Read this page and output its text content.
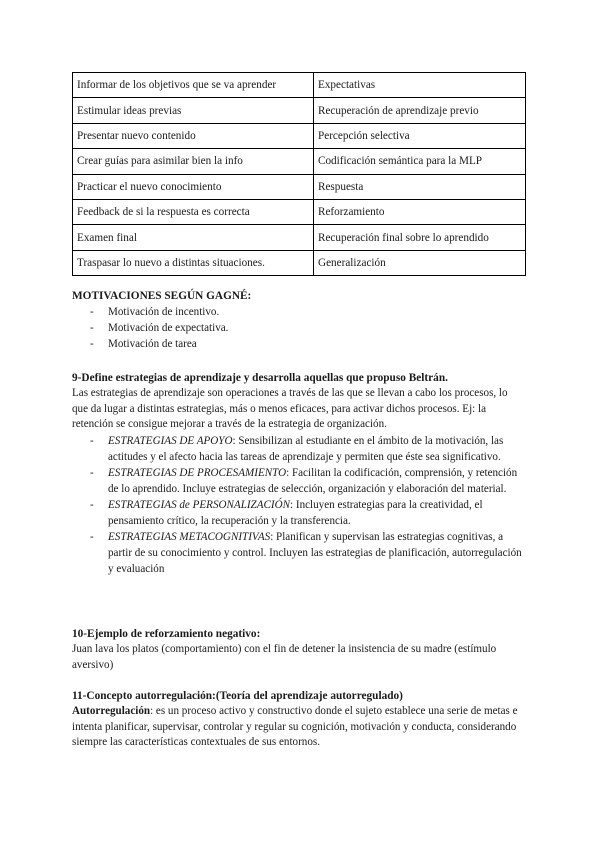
Informar de los objetivos que se va aprender	Expectativas
Estimular ideas previas	Recuperación de aprendizaje previo
Presentar nuevo contenido	Percepción selectiva
Crear guías para asimilar bien la info	Codificación semántica para la MLP
Practicar el nuevo conocimiento	Respuesta
Feedback de si la respuesta es correcta	Reforzamiento
Examen final	Recuperación final sobre lo aprendido
Traspasar lo nuevo a distintas situaciones.	Generalización

MOTIVACIONES SEGÚN GAGNÉ:

- Motivación de incentivo.
- Motivación de expectativa.
- Motivación de tarea

9-Define estrategias de aprendizaje y desarrolla aquellas que propuso Beltrán.

Las estrategias de aprendizaje son operaciones a través de las que se llevan a cabo los procesos, lo que da lugar a distintas estrategias, más o menos eficaces, para activar dichos procesos. Ej: la retención se consigue mejorar a través de la estrategia de organización.

- ESTRATEGIAS DE APOYO: Sensibilizan al estudiante en el ámbito de la motivación, las actitudes y el afecto hacia las tareas de aprendizaje y permiten que éste sea significativo.
- ESTRATEGIAS DE PROCESAMIENTO: Facilitan la codificación, comprensión, y retención de lo aprendido. Incluye estrategias de selección, organización y elaboración del material.
- ESTRATEGIAS de PERSONALIZACIÓN: Incluyen estrategias para la creatividad, el pensamiento crítico, la recuperación y la transferencia.
- ESTRATEGIAS METACOGNITIVAS: Planifican y supervisan las estrategias cognitivas, a partir de su conocimiento y control. Incluyen las estrategias de planificación, autorregulación y evaluación

10-Ejemplo de reforzamiento negativo:

Juan lava los platos (comportamiento) con el fin de detener la insistencia de su madre (estímulo aversivo)

11-Concepto autorregulación:(Teoría del aprendizaje autorregulado)

Autorregulación: es un proceso activo y constructivo donde el sujeto establece una serie de metas e intenta planificar, supervisar, controlar y regular su cognición, motivación y conducta, considerando siempre las características contextuales de sus entornos.
